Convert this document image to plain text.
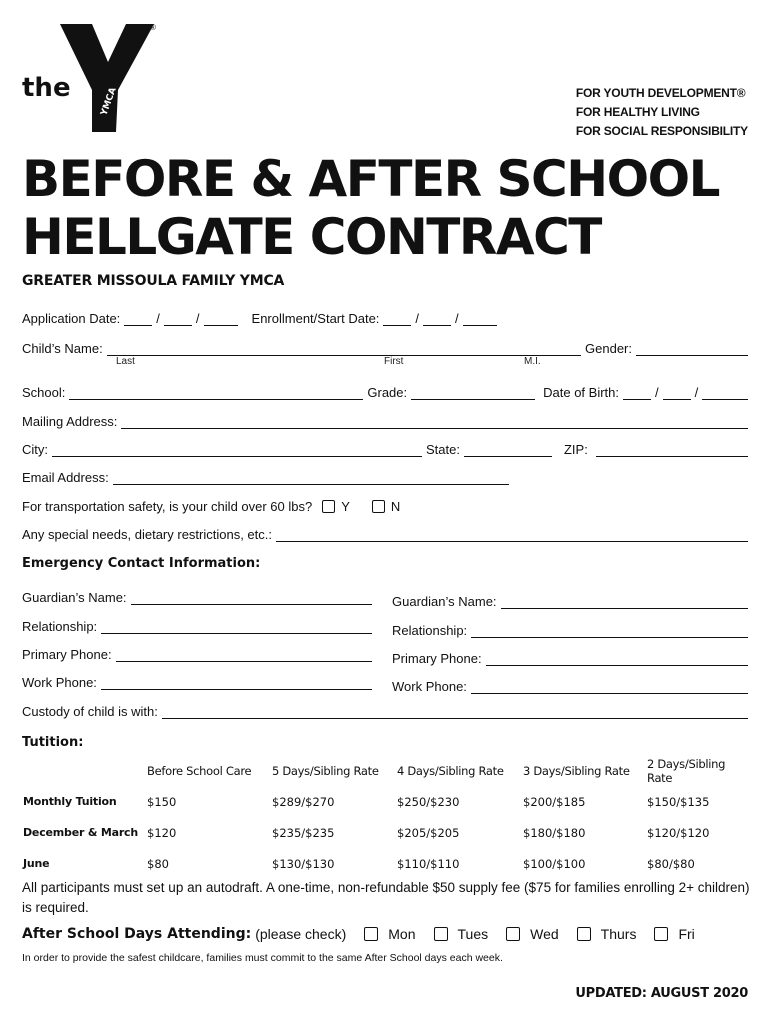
the	YMCA
®
FOR YOUTH DEVELOPMENT®
FOR HEALTHY LIVING
FOR SOCIAL RESPONSIBILITY
BEFORE & AFTER SCHOOL
HELLGATE CONTRACT
GREATER MISSOULA FAMILY YMCA
Application Date:	/	/	Enrollment/Start Date:	/	/
Child’s Name:	Gender:
Last	First	M.I.
School:	Grade:	Date of Birth:	/	/
Mailing Address:
City:	State:	ZIP:
Email Address:
For transportation safety, is your child over 60 lbs? Y	N
Any special needs, dietary restrictions, etc.:
Emergency Contact Information:
Guardian’s Name:
Relationship:
Primary Phone:
Work Phone:
Guardian’s Name:
Relationship:
Primary Phone:
Work Phone:
Custody of child is with:
Tutition:
	Before School Care	5 Days/Sibling Rate	4 Days/Sibling Rate	3 Days/Sibling Rate	2 Days/Sibling Rate
Monthly Tuition	$150	$289/$270	$250/$230	$200/$185	$150/$135
December & March	$120	$235/$235	$205/$205	$180/$180	$120/$120
June	$80	$130/$130	$110/$110	$100/$100	$80/$80
All participants must set up an autodraft. A one-time, non-refundable $50 supply fee ($75 for families enrolling 2+ children) is required.
After School Days Attending: (please check)	Mon	Tues	Wed	Thurs	Fri
In order to provide the safest childcare, families must commit to the same After School days each week.
UPDATED: AUGUST 2020
